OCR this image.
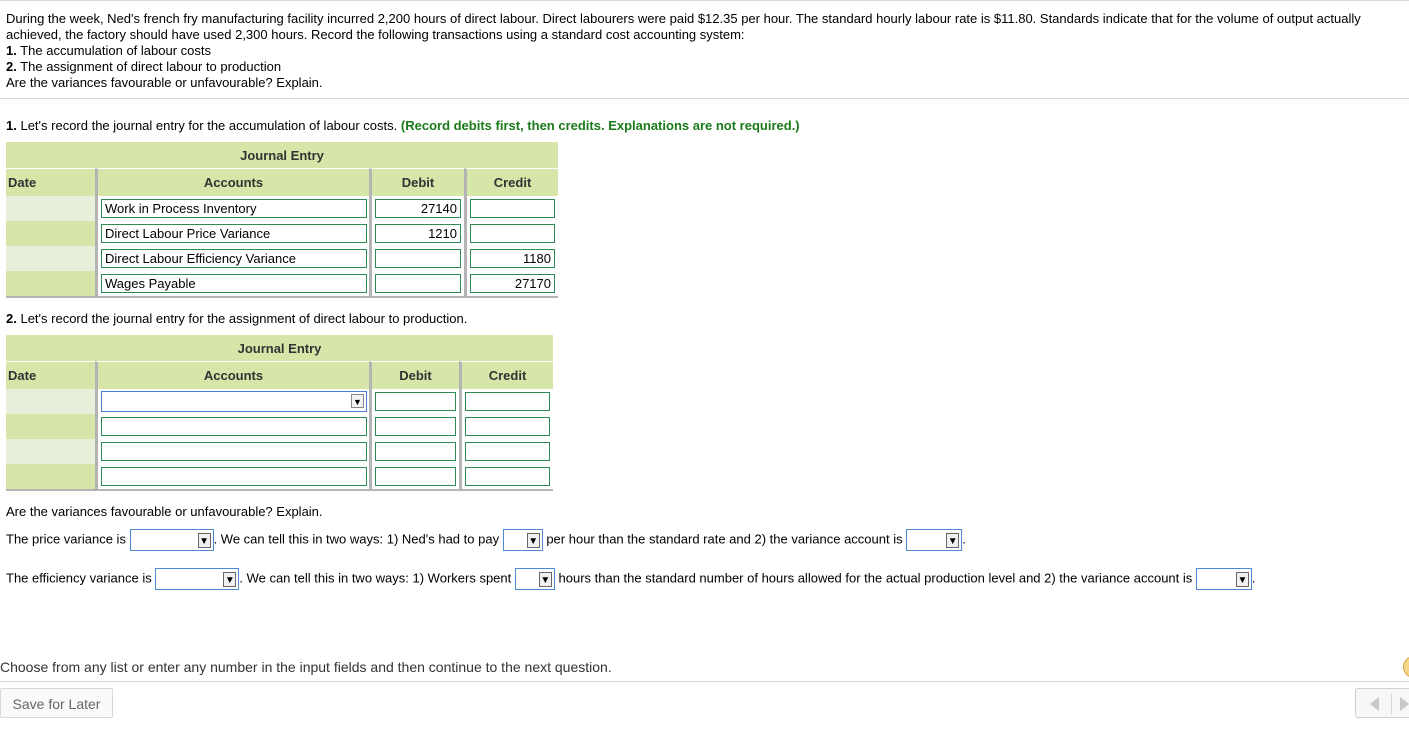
During the week, Ned's french fry manufacturing facility incurred 2,200 hours of direct labour. Direct labourers were paid $12.35 per hour. The standard hourly labour rate is $11.80. Standards indicate that for the volume of output actually achieved, the factory should have used 2,300 hours. Record the following transactions using a standard cost accounting system:

1. The accumulation of labour costs

2. The assignment of direct labour to production

Are the variances favourable or unfavourable? Explain.

1. Let's record the journal entry for the accumulation of labour costs. (Record debits first, then credits. Explanations are not required.)
Journal Entry			
Date	Accounts	Debit	Credit

	Work in Process Inventory	27140	

	Direct Labour Price Variance	1210	

	Direct Labour Efficiency Variance		1180

	Wages Payable		27170
2. Let's record the journal entry for the assignment of direct labour to production.
Journal Entry			
Date	Accounts	Debit	Credit

	▼		

Are the variances favourable or unfavourable? Explain.
The price variance is	▼ . We can tell this in two ways: 1) Ned's had to pay	▼ per hour than the standard rate and 2) the variance account is	▼ .
The efficiency variance is	▼ . We can tell this in two ways: 1) Workers spent	▼ hours than the standard number of hours allowed for the actual production level and 2) the variance account is	▼ .
Choose from any list or enter any number in the input fields and then continue to the next question.
Save for Later
